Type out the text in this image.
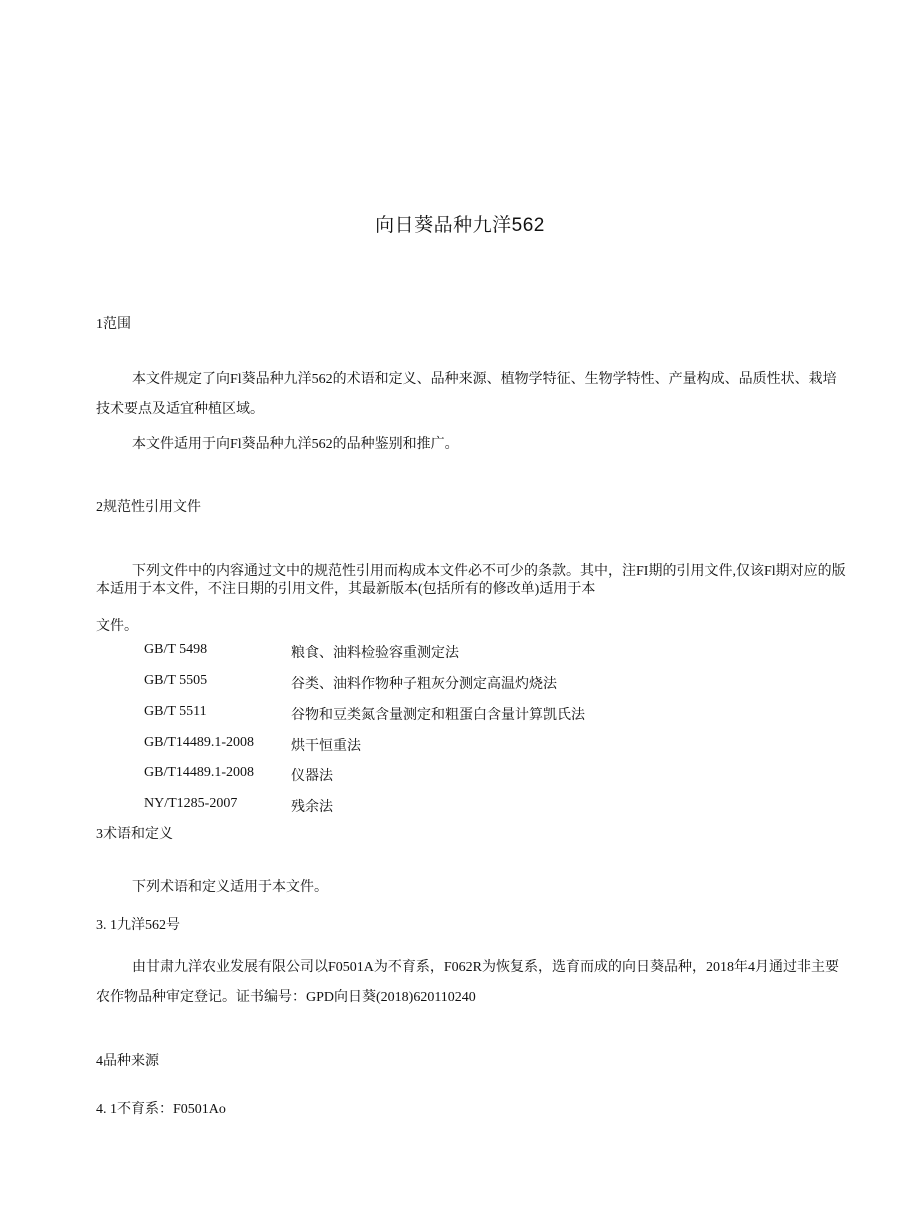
向日葵品种九洋562
1范围
本文件规定了向Fl葵品种九洋562的术语和定义、品种来源、植物学特征、生物学特性、产量构成、品质性状、栽培技术要点及适宜种植区域。
本文件适用于向Fl葵品种九洋562的品种鉴别和推广。
2规范性引用文件
下列文件中的内容通过文中的规范性引用而构成本文件必不可少的条款。其中，注FI期的引用文件,仅该Fl期对应的版本适用于本文件，不注日期的引用文件，其最新版本(包括所有的修改单)适用于本
文件。
GB/T 5498	粮食、油料检验容重测定法
GB/T 5505	谷类、油料作物种子粗灰分测定高温灼烧法
GB/T 5511	谷物和豆类氮含量测定和粗蛋白含量计算凯氏法
GB/T14489.1-2008	烘干恒重法
GB/T14489.1-2008	仪器法
NY/T1285-2007	残余法
3术语和定义
下列术语和定义适用于本文件。
3. 1九洋562号
由甘肃九洋农业发展有限公司以F0501A为不育系，F062R为恢复系，选育而成的向日葵品种，2018年4月通过非主要农作物品种审定登记。证书编号：GPD向日葵(2018)620110240
4品种来源
4. 1不育系：F0501Ao
